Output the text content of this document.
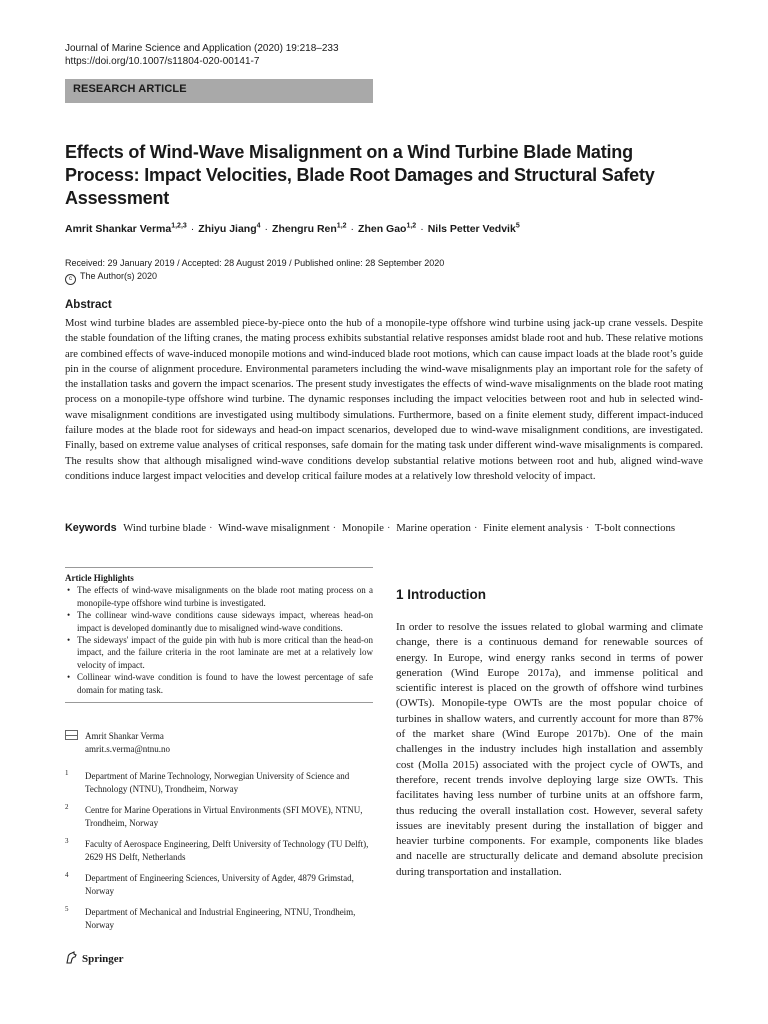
Journal of Marine Science and Application (2020) 19:218–233
https://doi.org/10.1007/s11804-020-00141-7
RESEARCH ARTICLE
Effects of Wind-Wave Misalignment on a Wind Turbine Blade Mating Process: Impact Velocities, Blade Root Damages and Structural Safety Assessment
Amrit Shankar Verma$^{1,2,3}$ · Zhiyu Jiang$^4$ · Zhengru Ren$^{1,2}$ · Zhen Gao$^{1,2}$ · Nils Petter Vedvik$^5$
Received: 29 January 2019 / Accepted: 28 August 2019 / Published online: 28 September 2020
c The Author(s) 2020
Abstract
Most wind turbine blades are assembled piece-by-piece onto the hub of a monopile-type offshore wind turbine using jack-up crane vessels. Despite the stable foundation of the lifting cranes, the mating process exhibits substantial relative responses amidst blade root and hub. These relative motions are combined effects of wave-induced monopile motions and wind-induced blade root motions, which can cause impact loads at the blade root’s guide pin in the course of alignment procedure. Environmental parameters including the wind-wave misalignments play an important role for the safety of the installation tasks and govern the impact scenarios. The present study investigates the effects of wind-wave misalignments on the blade root mating process on a monopile-type offshore wind turbine. The dynamic responses including the impact velocities between root and hub in selected wind-wave misalignment conditions are investigated using multibody simulations. Furthermore, based on a finite element study, different impact-induced failure modes at the blade root for sideways and head-on impact scenarios, developed due to wind-wave misalignment conditions, are investigated. Finally, based on extreme value analyses of critical responses, safe domain for the mating task under different wind-wave misalignments is compared. The results show that although misaligned wind-wave conditions develop substantial relative motions between root and hub, aligned wind-wave conditions induce largest impact velocities and develop critical failure modes at a relatively low threshold velocity of impact.
Keywords Wind turbine blade · Wind-wave misalignment · Monopile · Marine operation · Finite element analysis · T-bolt connections
Article Highlights
• The effects of wind-wave misalignments on the blade root mating process on a monopile-type offshore wind turbine is investigated.
• The collinear wind-wave conditions cause sideways impact, whereas head-on impact is developed dominantly due to misaligned wind-wave conditions.
• The sideways' impact of the guide pin with hub is more critical than the head-on impact, and the failure criteria in the root laminate are met at a relatively low velocity of impact.
• Collinear wind-wave condition is found to have the lowest percentage of safe domain for mating task.
Amrit Shankar Verma
amrit.s.verma@ntnu.no
1 Department of Marine Technology, Norwegian University of Science and Technology (NTNU), Trondheim, Norway
2 Centre for Marine Operations in Virtual Environments (SFI MOVE), NTNU, Trondheim, Norway
3 Faculty of Aerospace Engineering, Delft University of Technology (TU Delft), 2629 HS Delft, Netherlands
4 Department of Engineering Sciences, University of Agder, 4879 Grimstad, Norway
5 Department of Mechanical and Industrial Engineering, NTNU, Trondheim, Norway
Springer
1 Introduction
In order to resolve the issues related to global warming and climate change, there is a continuous demand for renewable sources of energy. In Europe, wind energy ranks second in terms of power generation (Wind Europe 2017a), and immense political and scientific interest is placed on the growth of offshore wind turbines (OWTs). Monopile-type OWTs are the most popular choice of turbines in shallow waters, and currently account for more than 87% of the market share (Wind Europe 2017b). One of the main challenges in the industry includes high installation and assembly cost (Molla 2015) associated with the project cycle of OWTs, and therefore, recent trends involve deploying large size OWTs. This facilitates having less number of turbine units at an offshore farm, thus reducing the overall installation cost. However, several safety issues are inevitably present during the installation of bigger and heavier turbine components. For example, components like blades and nacelle are structurally delicate and demand absolute precision during transportation and installation.
